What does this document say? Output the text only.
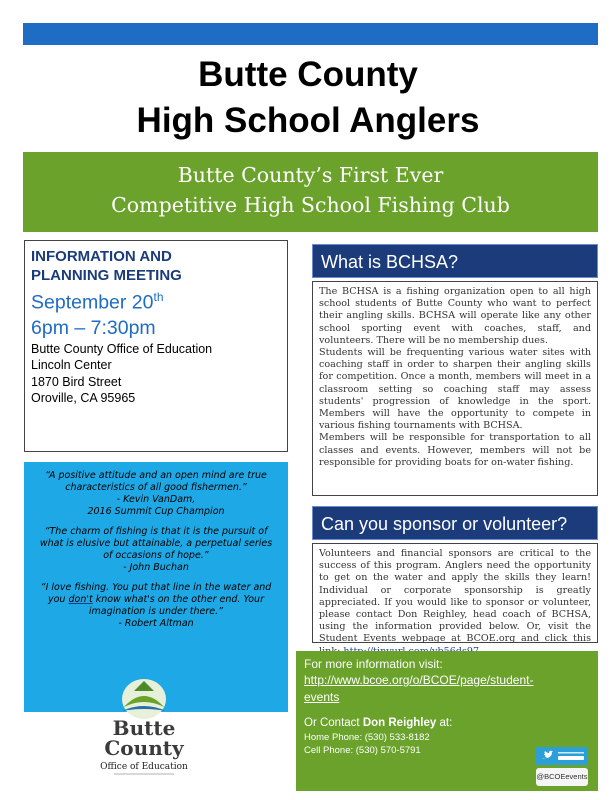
Butte County
High School Anglers
Butte County’s First Ever
Competitive High School Fishing Club
INFORMATION AND
PLANNING MEETING
September 20th
6pm – 7:30pm
Butte County Office of Education
Lincoln Center
1870 Bird Street
Oroville, CA 95965

“A positive attitude and an open mind are true characteristics of all good fishermen.”
- Kevin VanDam,
2016 Summit Cup Champion

“The charm of fishing is that it is the pursuit of what is elusive but attainable, a perpetual series of occasions of hope.”
- John Buchan

“I love fishing. You put that line in the water and you don't know what's on the other end. Your imagination is under there.”
- Robert Altman

What is BCHSA?

The BCHSA is a fishing organization open to all high school students of Butte County who want to perfect their angling skills. BCHSA will operate like any other school sporting event with coaches, staff, and volunteers. There will be no membership dues.

Students will be frequenting various water sites with coaching staff in order to sharpen their angling skills for competition. Once a month, members will meet in a classroom setting so coaching staff may assess students' progression of knowledge in the sport. Members will have the opportunity to compete in various fishing tournaments with BCHSA.

Members will be responsible for transportation to all classes and events. However, members will not be responsible for providing boats for on-water fishing.

Can you sponsor or volunteer?

Volunteers and financial sponsors are critical to the success of this program. Anglers need the opportunity to get on the water and apply the skills they learn! Individual or corporate sponsorship is greatly appreciated. If you would like to sponsor or volunteer, please contact Don Reighley, head coach of BCHSA, using the information provided below. Or, visit the Student Events webpage at BCOE.org and click this

For more information visit:
http://www.bcoe.org/o/BCOE/page/student-
events
Or Contact Don Reighley at:
Home Phone: (530) 533-8182
Cell Phone: (530) 570-5791
@BCOEevents
Butte
County
Office of Education
